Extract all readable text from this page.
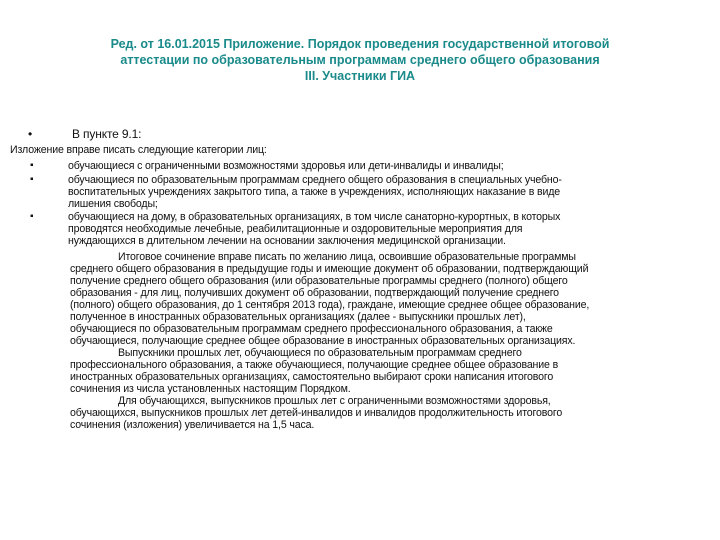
Ред. от 16.01.2015 Приложение. Порядок проведения государственной итоговой
аттестации по образовательным программам среднего общего образования
III. Участники ГИА
•	В пункте 9.1:
Изложение вправе писать следующие категории лиц:
▪	обучающиеся с ограниченными возможностями здоровья или дети-инвалиды и инвалиды;
▪	обучающиеся по образовательным программам среднего общего образования в специальных учебно-
воспитательных учреждениях закрытого типа, а также в учреждениях, исполняющих наказание в виде
лишения свободы;
▪	обучающиеся на дому, в образовательных организациях, в том числе санаторно-курортных, в которых
проводятся необходимые лечебные, реабилитационные и оздоровительные мероприятия для
нуждающихся в длительном лечении на основании заключения медицинской организации.
Итоговое сочинение вправе писать по желанию лица, освоившие образовательные программы
среднего общего образования в предыдущие годы и имеющие документ об образовании, подтверждающий
получение среднего общего образования (или образовательные программы среднего (полного) общего
образования - для лиц, получивших документ об образовании, подтверждающий получение среднего
(полного) общего образования, до 1 сентября 2013 года), граждане, имеющие среднее общее образование,
полученное в иностранных образовательных организациях (далее - выпускники прошлых лет),
обучающиеся по образовательным программам среднего профессионального образования, а также
обучающиеся, получающие среднее общее образование в иностранных образовательных организациях.
Выпускники прошлых лет, обучающиеся по образовательным программам среднего
профессионального образования, а также обучающиеся, получающие среднее общее образование в
иностранных образовательных организациях, самостоятельно выбирают сроки написания итогового
сочинения из числа установленных настоящим Порядком.
Для обучающихся, выпускников прошлых лет с ограниченными возможностями здоровья,
обучающихся, выпускников прошлых лет детей-инвалидов и инвалидов продолжительность итогового
сочинения (изложения) увеличивается на 1,5 часа.
